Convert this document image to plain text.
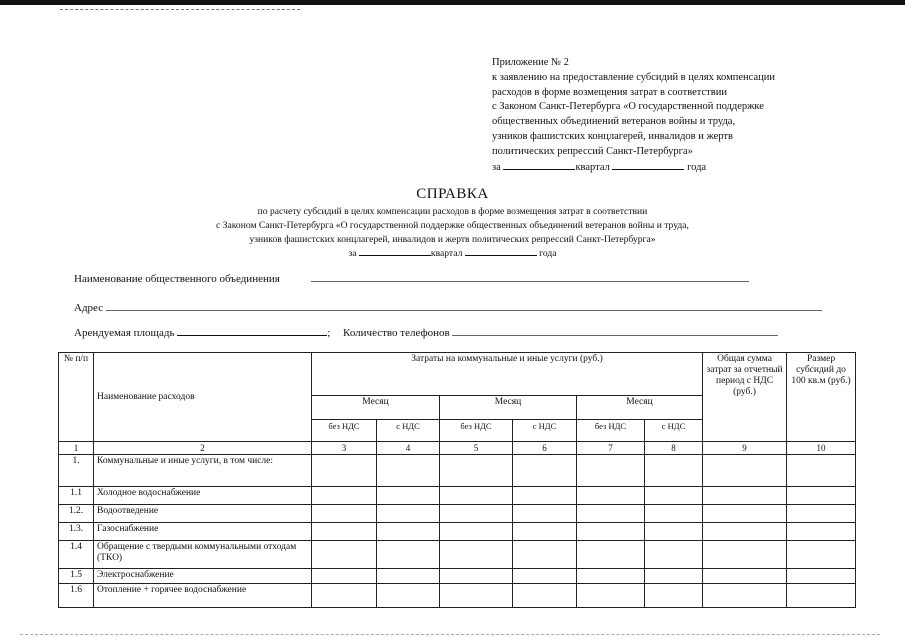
Приложение № 2
к заявлению на предоставление субсидий в целях компенсации
расходов в форме возмещения затрат в соответствии
с Законом Санкт-Петербурга «О государственной поддержке
общественных объединений ветеранов войны и труда,
узников фашистских концлагерей, инвалидов и жертв
политических репрессий Санкт-Петербурга»
за	квартал	года
СПРАВКА
по расчету субсидий в целях компенсации расходов в форме возмещения затрат в соответствии
с Законом Санкт-Петербурга «О государственной поддержке общественных объединений ветеранов войны и труда,
узников фашистских концлагерей, инвалидов и жертв политических репрессий Санкт-Петербурга»
за	квартал	года
Наименование общественного объединения
Адрес
Арендуемая площадь	; Количество телефонов
№ п/п	Наименование расходов	Затраты на коммунальные и иные услуги (руб.)						Общая сумма затрат за отчетный период с НДС (руб.)	Размер субсидий до 100 кв.м (руб.)
		Месяц		Месяц		Месяц			
		без НДС	с НДС	без НДС	с НДС	без НДС	с НДС		
1	2	3	4	5	6	7	8	9	10
1.	Коммунальные и иные услуги, в том числе:								
1.1	Холодное водоснабжение								
1.2.	Водоотведение								
1.3.	Газоснабжение								
1.4	Обращение с твердыми коммунальными отходам (ТКО)								
1.5	Электроснабжение								
1.6	Отопление + горячее водоснабжение								
